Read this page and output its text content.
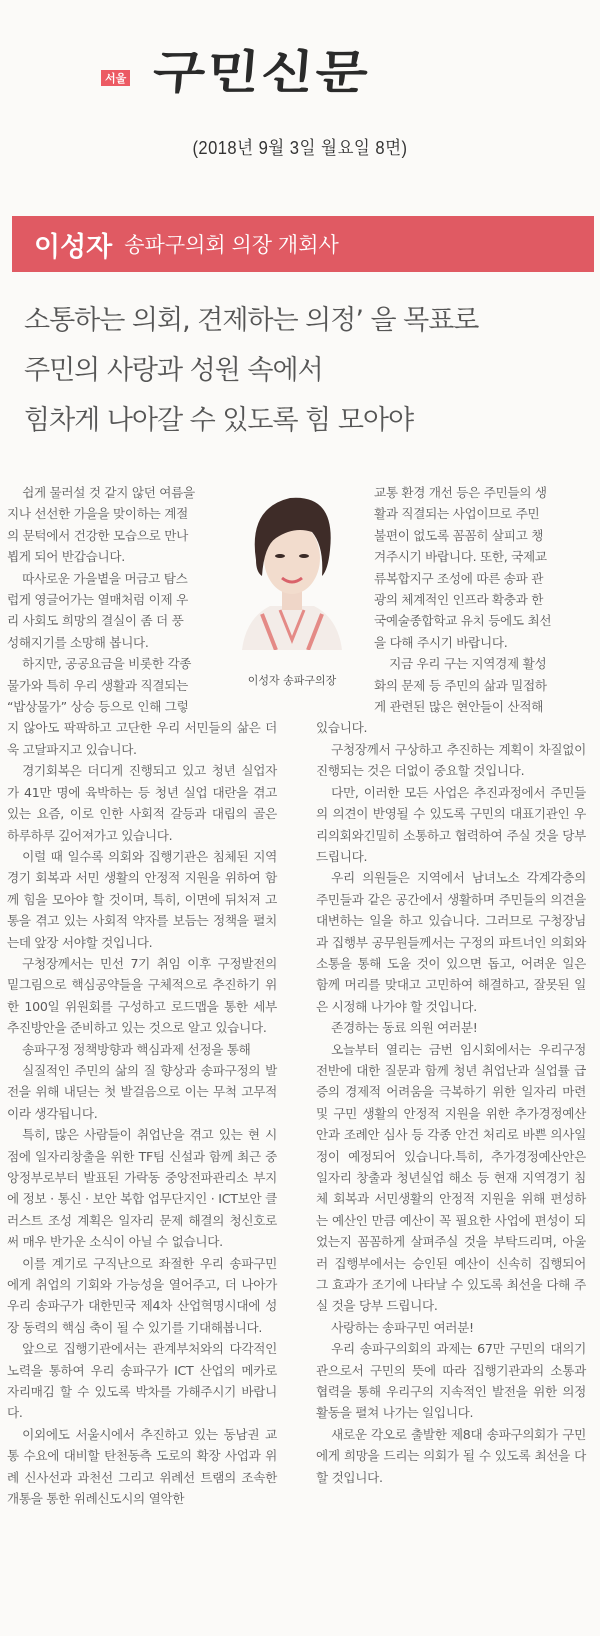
서울 구민신문
(2018년 9월 3일 월요일 8면)
이성자 송파구의회 의장 개회사
소통하는 의회, 견제하는 의정’ 을 목표로
주민의 사랑과 성원 속에서
힘차게 나아갈 수 있도록 힘 모아야
이성자 송파구의장
쉽게 물러설 것 같지 않던 여름을
지나 선선한 가을을 맞이하는 계절
의 문턱에서 건강한 모습으로 만나
뵙게 되어 반갑습니다.
따사로운 가을볕을 머금고 탐스
럽게 영글어가는 열매처럼 이제 우
리 사회도 희망의 결실이 좀 더 풍
성해지기를 소망해 봅니다.
하지만, 공공요금을 비롯한 각종
물가와 특히 우리 생활과 직결되는
“밥상물가” 상승 등으로 인해 그렇

지 않아도 팍팍하고 고단한 우리 서민들의 삶은 더욱 고달파지고 있습니다.

경기회복은 더디게 진행되고 있고 청년 실업자가 41만 명에 육박하는 등 청년 실업 대란을 겪고 있는 요즘, 이로 인한 사회적 갈등과 대립의 골은 하루하루 깊어져가고 있습니다.

이럴 때 일수록 의회와 집행기관은 침체된 지역경기 회복과 서민 생활의 안정적 지원을 위하여 함께 힘을 모아야 할 것이며, 특히, 이면에 뒤처져 고통을 겪고 있는 사회적 약자를 보듬는 정책을 펼치는데 앞장 서야할 것입니다.

구청장께서는 민선 7기 취임 이후 구정발전의 밑그림으로 핵심공약들을 구체적으로 추진하기 위한 100일 위원회를 구성하고 로드맵을 통한 세부 추진방안을 준비하고 있는 것으로 알고 있습니다.

송파구정 정책방향과 핵심과제 선정을 통해

실질적인 주민의 삶의 질 향상과 송파구정의 발전을 위해 내딛는 첫 발걸음으로 이는 무척 고무적이라 생각됩니다.

특히, 많은 사람들이 취업난을 겪고 있는 현 시점에 일자리창출을 위한 TF팀 신설과 함께 최근 중앙정부로부터 발표된 가락동 중앙전파관리소 부지에 정보 · 통신 · 보안 복합 업무단지인 · ICT보안 클러스트 조성 계획은 일자리 문제 해결의 청신호로써 매우 반가운 소식이 아닐 수 없습니다.

이를 계기로 구직난으로 좌절한 우리 송파구민에게 취업의 기회와 가능성을 열어주고, 더 나아가 우리 송파구가 대한민국 제4차 산업혁명시대에 성장 동력의 핵심 축이 될 수 있기를 기대해봅니다.

앞으로 집행기관에서는 관계부처와의 다각적인 노력을 통하여 우리 송파구가 ICT 산업의 메카로 자리매김 할 수 있도록 박차를 가해주시기 바랍니다.

이외에도 서울시에서 추진하고 있는 동남권 교통 수요에 대비할 탄천동측 도로의 확장 사업과 위례 신사선과 과천선 그리고 위례선 트램의 조속한 개통을 통한 위례신도시의 열악한

교통 환경 개선 등은 주민들의 생
활과 직결되는 사업이므로 주민
불편이 없도록 꼼꼼히 살피고 챙
겨주시기 바랍니다. 또한, 국제교
류복합지구 조성에 따른 송파 관
광의 체계적인 인프라 확충과 한
국예술종합학교 유치 등에도 최선
을 다해 주시기 바랍니다.
지금 우리 구는 지역경제 활성
화의 문제 등 주민의 삶과 밀접하
게 관련된 많은 현안들이 산적해

있습니다.

구청장께서 구상하고 추진하는 계획이 차질없이 진행되는 것은 더없이 중요할 것입니다.

다만, 이러한 모든 사업은 추진과정에서 주민들의 의견이 반영될 수 있도록 구민의 대표기관인 우리의회와긴밀히 소통하고 협력하여 주실 것을 당부 드립니다.

우리 의원들은 지역에서 남녀노소 각계각층의 주민들과 같은 공간에서 생활하며 주민들의 의견을 대변하는 일을 하고 있습니다. 그러므로 구청장님과 집행부 공무원들께서는 구정의 파트너인 의회와 소통을 통해 도울 것이 있으면 돕고, 어려운 일은 함께 머리를 맞대고 고민하여 해결하고, 잘못된 일은 시정해 나가야 할 것입니다.

존경하는 동료 의원 여러분!

오늘부터 열리는 금번 임시회에서는 우리구정 전반에 대한 질문과 함께 청년 취업난과 실업률 급증의 경제적 어려움을 극복하기 위한 일자리 마련 및 구민 생활의 안정적 지원을 위한 추가경정예산안과 조례안 심사 등 각종 안건 처리로 바쁜 의사일정이 예정되어 있습니다.특히, 추가경정예산안은 일자리 창출과 청년실업 해소 등 현재 지역경기 침체 회복과 서민생활의 안정적 지원을 위해 편성하는 예산인 만큼 예산이 꼭 필요한 사업에 편성이 되었는지 꼼꼼하게 살펴주실 것을 부탁드리며, 아울러 집행부에서는 승인된 예산이 신속히 집행되어 그 효과가 조기에 나타날 수 있도록 최선을 다해 주실 것을 당부 드립니다.

사랑하는 송파구민 여러분!

우리 송파구의회의 과제는 67만 구민의 대의기관으로서 구민의 뜻에 따라 집행기관과의 소통과 협력을 통해 우리구의 지속적인 발전을 위한 의정활동을 펼쳐 나가는 일입니다.

새로운 각오로 출발한 제8대 송파구의회가 구민에게 희망을 드리는 의회가 될 수 있도록 최선을 다할 것입니다.
